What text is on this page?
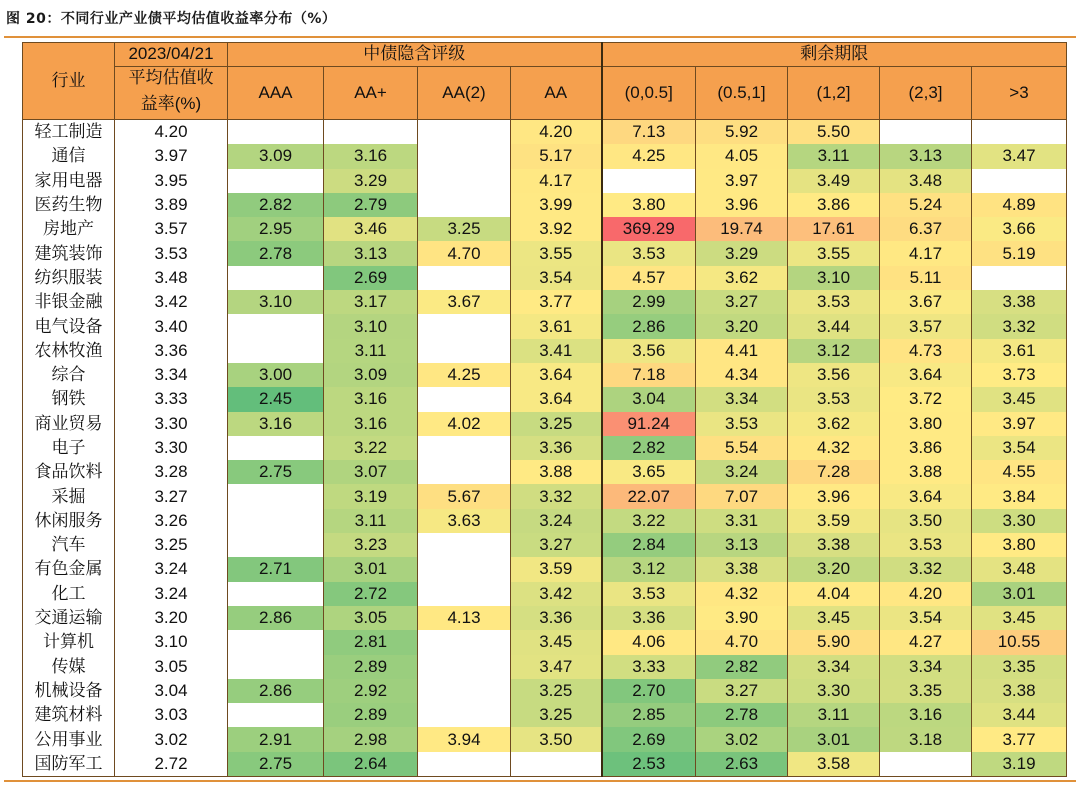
图 20：不同行业产业债平均估值收益率分布（%）
行业	2023/04/21	中债隐含评级				剩余期限				
	平均估值收	AAA	AA+	AA(2)	AA	(0,0.5]	(0.5,1]	(1,2]	(2,3]	>3
	益率(%)									
轻工制造	4.20				4.20	7.13	5.92	5.50		
通信	3.97	3.09	3.16		5.17	4.25	4.05	3.11	3.13	3.47
家用电器	3.95		3.29		4.17		3.97	3.49	3.48	
医药生物	3.89	2.82	2.79		3.99	3.80	3.96	3.86	5.24	4.89
房地产	3.57	2.95	3.46	3.25	3.92	369.29	19.74	17.61	6.37	3.66
建筑装饰	3.53	2.78	3.13	4.70	3.55	3.53	3.29	3.55	4.17	5.19
纺织服装	3.48		2.69		3.54	4.57	3.62	3.10	5.11	
非银金融	3.42	3.10	3.17	3.67	3.77	2.99	3.27	3.53	3.67	3.38
电气设备	3.40		3.10		3.61	2.86	3.20	3.44	3.57	3.32
农林牧渔	3.36		3.11		3.41	3.56	4.41	3.12	4.73	3.61
综合	3.34	3.00	3.09	4.25	3.64	7.18	4.34	3.56	3.64	3.73
钢铁	3.33	2.45	3.16		3.64	3.04	3.34	3.53	3.72	3.45
商业贸易	3.30	3.16	3.16	4.02	3.25	91.24	3.53	3.62	3.80	3.97
电子	3.30		3.22		3.36	2.82	5.54	4.32	3.86	3.54
食品饮料	3.28	2.75	3.07		3.88	3.65	3.24	7.28	3.88	4.55
采掘	3.27		3.19	5.67	3.32	22.07	7.07	3.96	3.64	3.84
休闲服务	3.26		3.11	3.63	3.24	3.22	3.31	3.59	3.50	3.30
汽车	3.25		3.23		3.27	2.84	3.13	3.38	3.53	3.80
有色金属	3.24	2.71	3.01		3.59	3.12	3.38	3.20	3.32	3.48
化工	3.24		2.72		3.42	3.53	4.32	4.04	4.20	3.01
交通运输	3.20	2.86	3.05	4.13	3.36	3.36	3.90	3.45	3.54	3.45
计算机	3.10		2.81		3.45	4.06	4.70	5.90	4.27	10.55
传媒	3.05		2.89		3.47	3.33	2.82	3.34	3.34	3.35
机械设备	3.04	2.86	2.92		3.25	2.70	3.27	3.30	3.35	3.38
建筑材料	3.03		2.89		3.25	2.85	2.78	3.11	3.16	3.44
公用事业	3.02	2.91	2.98	3.94	3.50	2.69	3.02	3.01	3.18	3.77
国防军工	2.72	2.75	2.64			2.53	2.63	3.58		3.19
